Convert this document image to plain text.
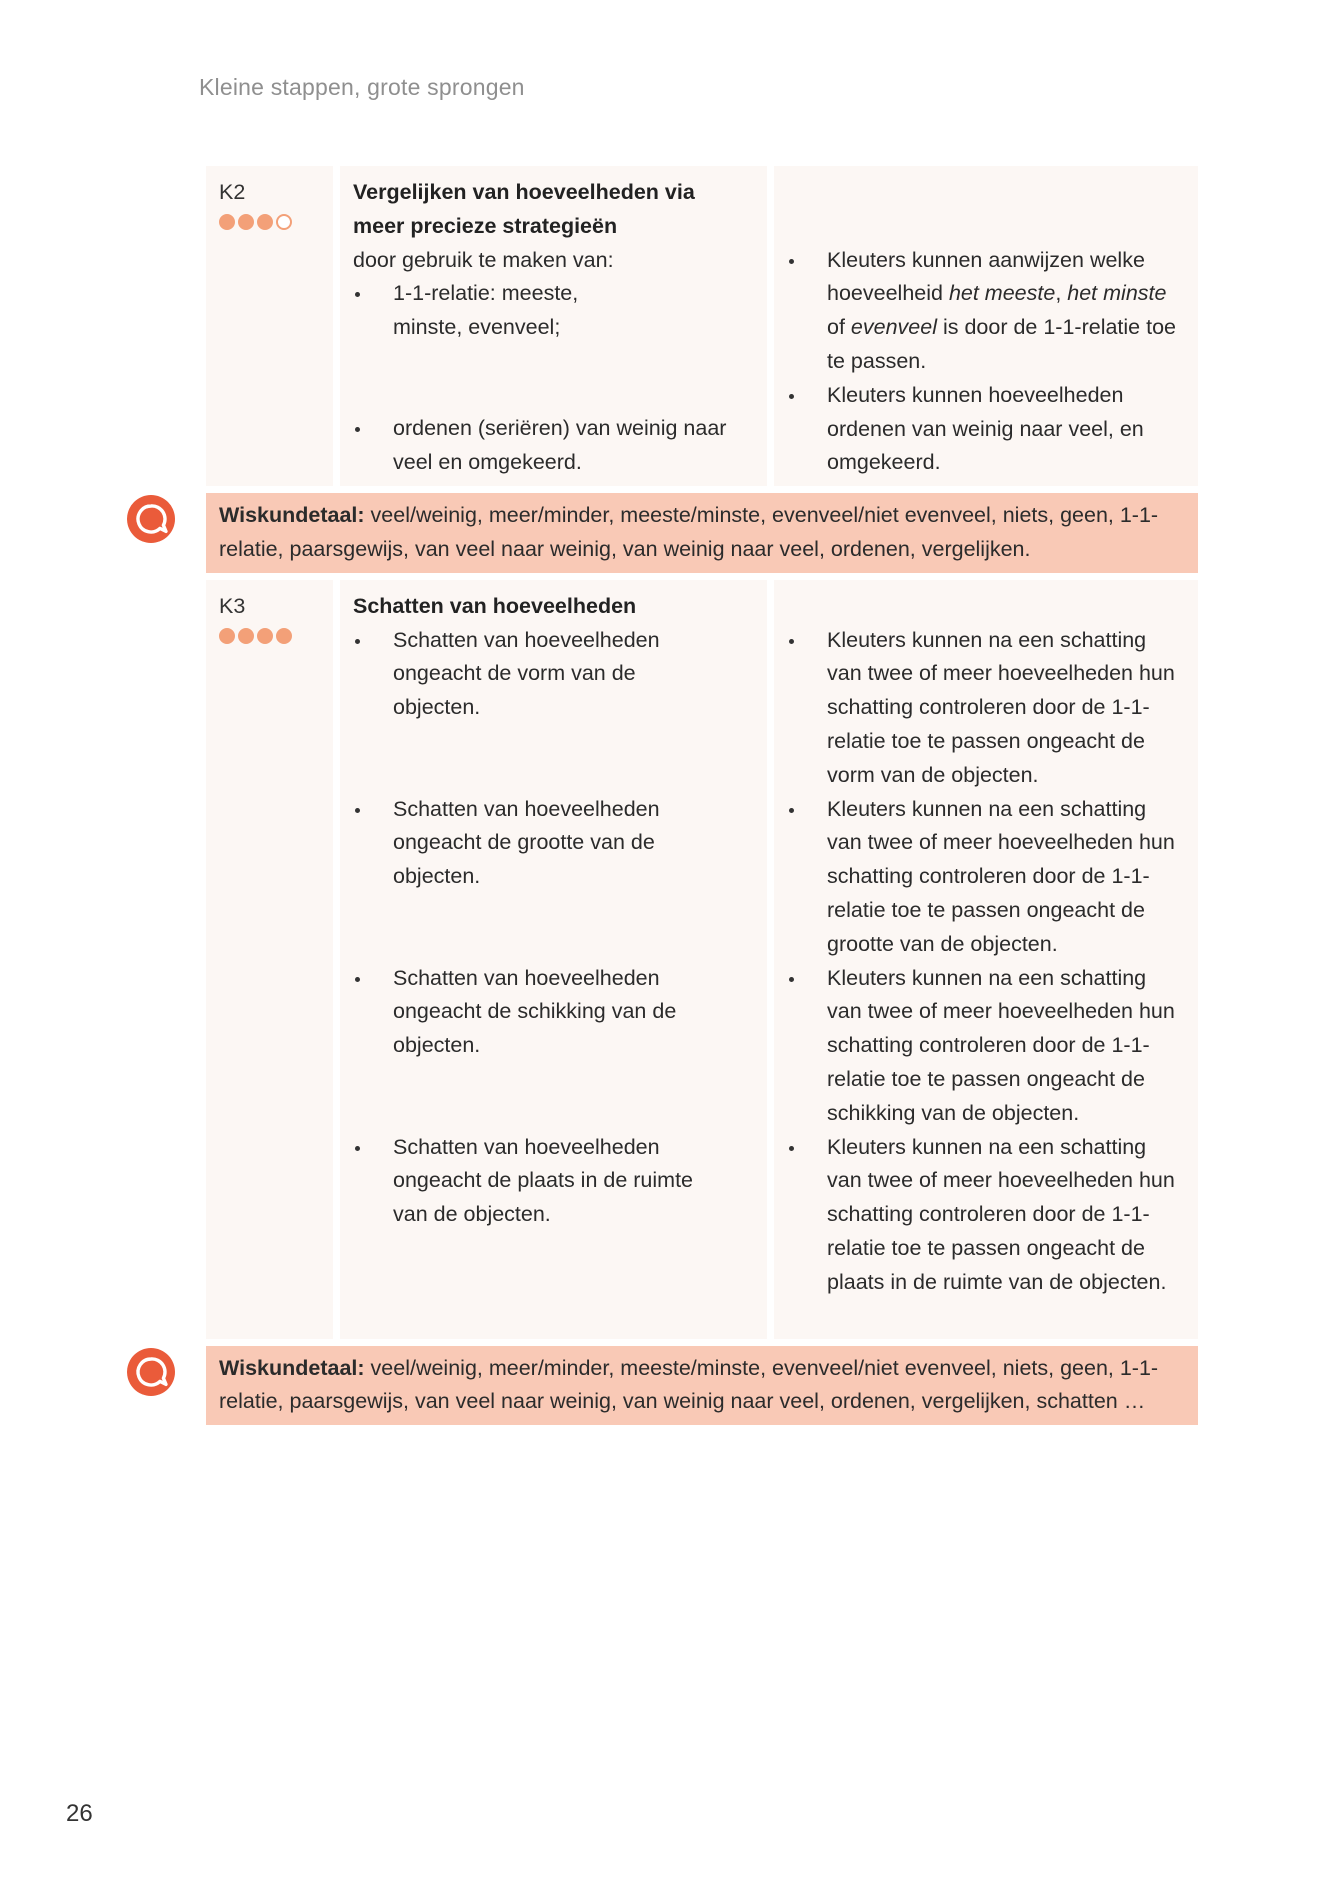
Kleine stappen, grote sprongen
K2	Vergelijken van hoeveelheden via
meer precieze strategieën

door gebruik te maken van:

1-1-relatie: meeste, minste, evenveel;
ordenen (seriëren) van weinig naar veel en omgekeerd.
Kleuters kunnen aanwijzen welke hoeveelheid het meeste, het minste of evenveel is door de 1-1-relatie toe te passen.
Kleuters kunnen hoeveelheden ordenen van weinig naar veel, en omgekeerd.
Wiskundetaal: veel/weinig, meer/minder, meeste/minste, evenveel/niet evenveel, niets, geen, 1-1-relatie, paarsgewijs, van veel naar weinig, van weinig naar veel, ordenen, vergelijken.
K3	Schatten van hoeveelheden
Schatten van hoeveelheden ongeacht de vorm van de objecten.
Schatten van hoeveelheden ongeacht de grootte van de objecten.
Schatten van hoeveelheden ongeacht de schikking van de objecten.
Schatten van hoeveelheden ongeacht de plaats in de ruimte van de objecten.
Kleuters kunnen na een schatting van twee of meer hoeveelheden hun schatting controleren door de 1-1-relatie toe te passen ongeacht de vorm van de objecten.
Kleuters kunnen na een schatting van twee of meer hoeveelheden hun schatting controleren door de 1-1-relatie toe te passen ongeacht de grootte van de objecten.
Kleuters kunnen na een schatting van twee of meer hoeveelheden hun schatting controleren door de 1-1-relatie toe te passen ongeacht de schikking van de objecten.
Kleuters kunnen na een schatting van twee of meer hoeveelheden hun schatting controleren door de 1-1-relatie toe te passen ongeacht de plaats in de ruimte van de objecten.
Wiskundetaal: veel/weinig, meer/minder, meeste/minste, evenveel/niet evenveel, niets, geen, 1-1-relatie, paarsgewijs, van veel naar weinig, van weinig naar veel, ordenen, vergelijken, schatten …
26
